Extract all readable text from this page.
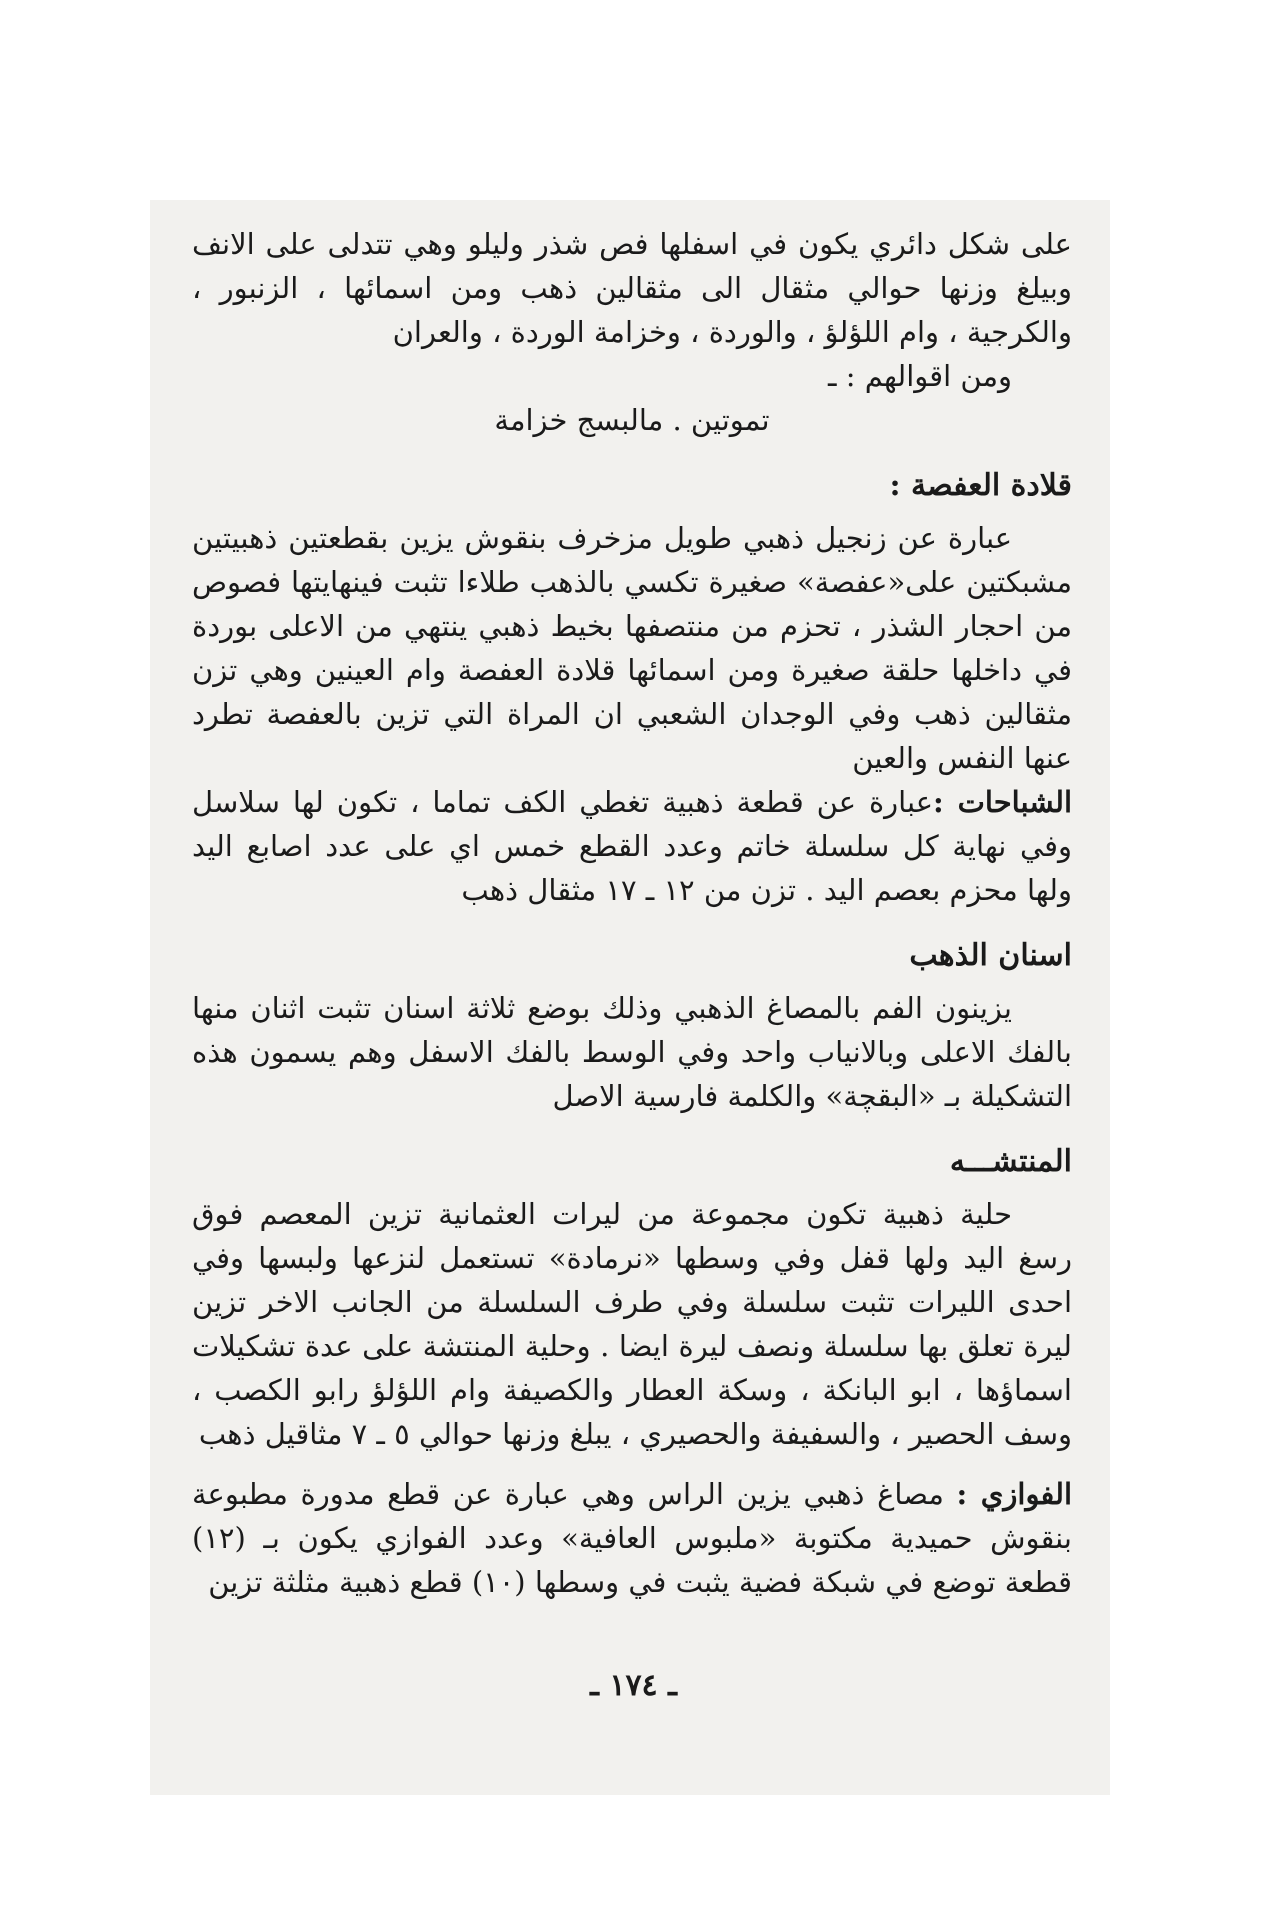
على شكل دائري يكون في اسفلها فص شذر وليلو وهي تتدلى على الانف وبيلغ وزنها حوالي مثقال الى مثقالين ذهب ومن اسمائها ، الزنبور ، والكرجية ، وام اللؤلؤ ، والوردة ، وخزامة الوردة ، والعران

ومن اقوالهم : ـ

تموتين . مالبسج خزامة

قلادة العفصة :

عبارة عن زنجيل ذهبي طويل مزخرف بنقوش يزين بقطعتين ذهبيتين مشبكتين على«عفصة» صغيرة تكسي بالذهب طلاءا تثبت فينهايتها فصوص من احجار الشذر ، تحزم من منتصفها بخيط ذهبي ينتهي من الاعلى بوردة في داخلها حلقة صغيرة ومن اسمائها قلادة العفصة وام العينين وهي تزن مثقالين ذهب وفي الوجدان الشعبي ان المراة التي تزين بالعفصة تطرد عنها النفس والعين

الشباحات :عبارة عن قطعة ذهبية تغطي الكف تماما ، تكون لها سلاسل وفي نهاية كل سلسلة خاتم وعدد القطع خمس اي على عدد اصابع اليد ولها محزم بعصم اليد . تزن من ١٢ ـ ١٧ مثقال ذهب

اسنان الذهب

يزينون الفم بالمصاغ الذهبي وذلك بوضع ثلاثة اسنان تثبت اثنان منها بالفك الاعلى وبالانياب واحد وفي الوسط بالفك الاسفل وهم يسمون هذه التشكيلة بـ «البقچة» والكلمة فارسية الاصل

المنتشـــه

حلية ذهبية تكون مجموعة من ليرات العثمانية تزين المعصم فوق رسغ اليد ولها قفل وفي وسطها «نرمادة» تستعمل لنزعها ولبسها وفي احدى الليرات تثبت سلسلة وفي طرف السلسلة من الجانب الاخر تزين ليرة تعلق بها سلسلة ونصف ليرة ايضا . وحلية المنتشة على عدة تشكيلات اسماؤها ، ابو البانكة ، وسكة العطار والكصيفة وام اللؤلؤ رابو الكصب ، وسف الحصير ، والسفيفة والحصيري ، يبلغ وزنها حوالي ٥ ـ ٧ مثاقيل ذهب

الفوازي : مصاغ ذهبي يزين الراس وهي عبارة عن قطع مدورة مطبوعة بنقوش حميدية مكتوبة «ملبوس العافية» وعدد الفوازي يكون بـ (١٢) قطعة توضع في شبكة فضية يثبت في وسطها (١٠) قطع ذهبية مثلثة تزين

ـ ١٧٤ ـ
